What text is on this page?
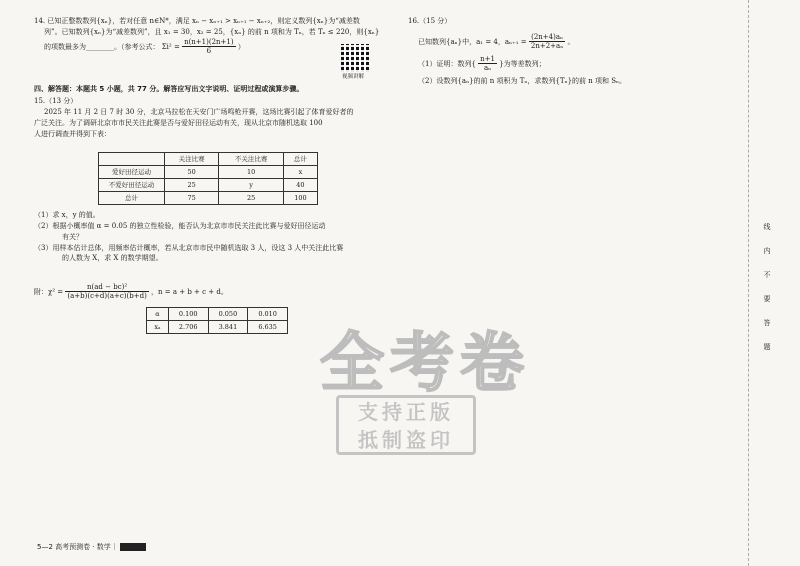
14. 已知正整数数列{xₙ}，若对任意 n∈N*，满足 xₙ − xₙ₊₁ > xₙ₊₁ − xₙ₊₂，则定义数列{xₙ}为“减差数
列”。已知数列{xₙ}为“减差数列”，且 x₁ = 30，x₂ = 25，{xₙ} 的前 n 项和为 Tₙ，若 Tₙ ≤ 220，则{xₙ}
的项数最多为________。（参考公式： $\Sigma i^2 = \frac{n(n+1)(2n+1)}{6}$ ）
视频讲解
四、解答题：本题共 5 小题，共 77 分。解答应写出文字说明、证明过程或演算步骤。
15.（13 分）
2025 年 11 月 2 日 7 时 30 分，北京马拉松在天安门广场鸣枪开赛，这场比赛引起了体育爱好者的
广泛关注。为了调研北京市市民关注此赛是否与爱好田径运动有关，现从北京市随机选取 100
人进行调查并得到下表：
	关注比赛	不关注比赛	总计
爱好田径运动	50	10	x
不爱好田径运动	25	y	40
总计	75	25	100
（1）求 x，y 的值。
（2）根据小概率值 α = 0.05 的独立性检验，能否认为北京市市民关注此比赛与爱好田径运动
有关？
（3）用样本估计总体，用频率估计概率，若从北京市市民中随机选取 3 人，设这 3 人中关注此比赛
的人数为 X，求 X 的数学期望。
附：$\chi^2 = \frac{\text{n(ad − bc)²}}{(a+b)(c+d)(a+c)(b+d)}$ ，n = a + b + c + d。
α	0.100	0.050	0.010
xₐ	2.706	3.841	6.635
16.（15 分）
已知数列{aₙ}中，a₁ = 4，$a_{n+1} = \frac{\text{(2n+4)aₙ}}{\text{2n+2+aₙ}}$ 。
（1）证明：数列{ $\frac{n+1}{\text{aₙ}}$ }为等差数列；
（2）设数列{aₙ}的前 n 项积为 Tₙ，求数列{Tₙ}的前 n 项和 Sₙ。
全考卷
支持正版
抵制盗印
线
内
不
要
答
题
5—2 高考预测卷 · 数学｜
